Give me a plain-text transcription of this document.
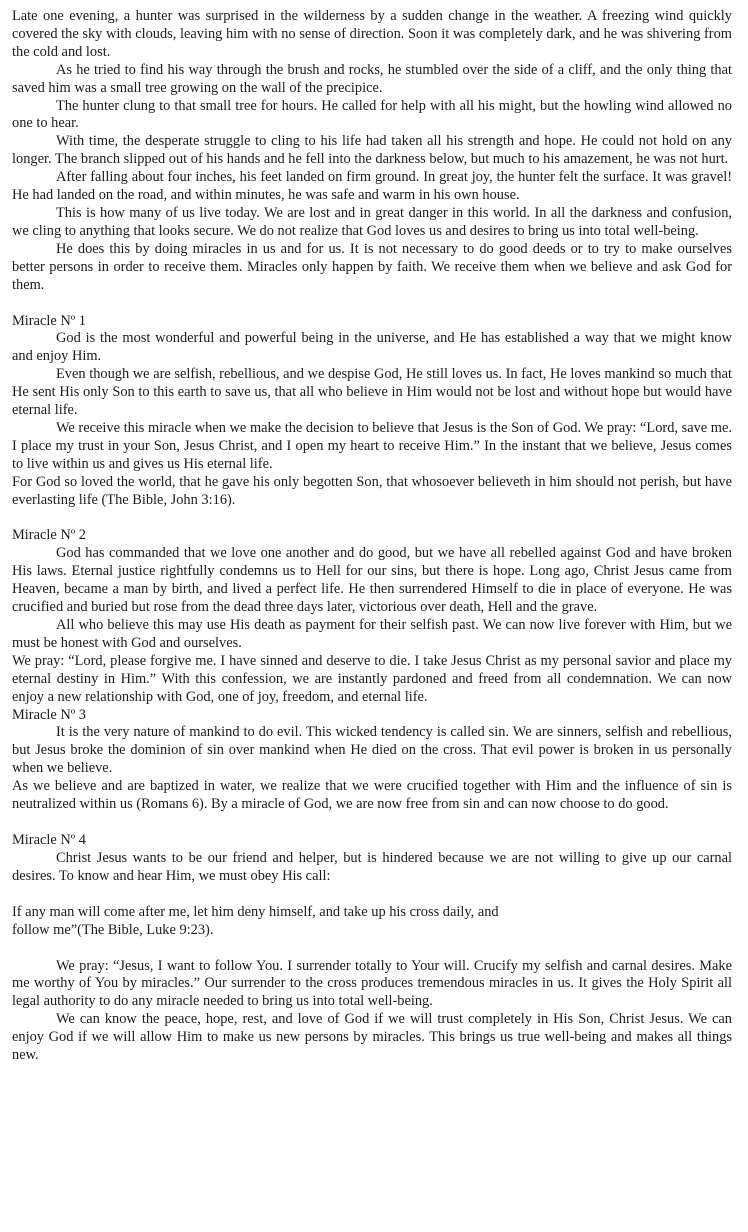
Late one evening, a hunter was surprised in the wilderness by a sudden change in the weather. A freezing wind quickly covered the sky with clouds, leaving him with no sense of direction. Soon it was completely dark, and he was shivering from the cold and lost.

As he tried to find his way through the brush and rocks, he stumbled over the side of a cliff, and the only thing that saved him was a small tree growing on the wall of the precipice.

The hunter clung to that small tree for hours. He called for help with all his might, but the howling wind allowed no one to hear.

With time, the desperate struggle to cling to his life had taken all his strength and hope. He could not hold on any longer. The branch slipped out of his hands and he fell into the darkness below, but much to his amazement, he was not hurt.

After falling about four inches, his feet landed on firm ground. In great joy, the hunter felt the surface. It was gravel! He had landed on the road, and within minutes, he was safe and warm in his own house.

This is how many of us live today. We are lost and in great danger in this world. In all the darkness and confusion, we cling to anything that looks secure. We do not realize that God loves us and desires to bring us into total well-being.

He does this by doing miracles in us and for us. It is not necessary to do good deeds or to try to make ourselves better persons in order to receive them. Miracles only happen by faith. We receive them when we believe and ask God for them.

Miracle Nº 1

God is the most wonderful and powerful being in the universe, and He has established a way that we might know and enjoy Him.

Even though we are selfish, rebellious, and we despise God, He still loves us. In fact, He loves mankind so much that He sent His only Son to this earth to save us, that all who believe in Him would not be lost and without hope but would have eternal life.

We receive this miracle when we make the decision to believe that Jesus is the Son of God. We pray: “Lord, save me. I place my trust in your Son, Jesus Christ, and I open my heart to receive Him.” In the instant that we believe, Jesus comes to live within us and gives us His eternal life.

For God so loved the world, that he gave his only begotten Son, that whosoever believeth in him should not perish, but have everlasting life (The Bible, John 3:16).

Miracle Nº 2

God has commanded that we love one another and do good, but we have all rebelled against God and have broken His laws. Eternal justice rightfully condemns us to Hell for our sins, but there is hope. Long ago, Christ Jesus came from Heaven, became a man by birth, and lived a perfect life. He then surrendered Himself to die in place of everyone. He was crucified and buried but rose from the dead three days later, victorious over death, Hell and the grave.

All who believe this may use His death as payment for their selfish past. We can now live forever with Him, but we must be honest with God and ourselves.

We pray: “Lord, please forgive me. I have sinned and deserve to die. I take Jesus Christ as my personal savior and place my eternal destiny in Him.” With this confession, we are instantly pardoned and freed from all condemnation. We can now enjoy a new relationship with God, one of joy, freedom, and eternal life.

Miracle Nº 3

It is the very nature of mankind to do evil. This wicked tendency is called sin. We are sinners, selfish and rebellious, but Jesus broke the dominion of sin over mankind when He died on the cross. That evil power is broken in us personally when we believe.

As we believe and are baptized in water, we realize that we were crucified together with Him and the influence of sin is neutralized within us (Romans 6). By a miracle of God, we are now free from sin and can now choose to do good.

Miracle Nº 4

Christ Jesus wants to be our friend and helper, but is hindered because we are not willing to give up our carnal desires. To know and hear Him, we must obey His call:

If any man will come after me, let him deny himself, and take up his cross daily, and

follow me”(The Bible, Luke 9:23).

We pray: “Jesus, I want to follow You. I surrender totally to Your will. Crucify my selfish and carnal desires. Make me worthy of You by miracles.” Our surrender to the cross produces tremendous miracles in us. It gives the Holy Spirit all legal authority to do any miracle needed to bring us into total well-being.

We can know the peace, hope, rest, and love of God if we will trust completely in His Son, Christ Jesus. We can enjoy God if we will allow Him to make us new persons by miracles. This brings us true well-being and makes all things new.
